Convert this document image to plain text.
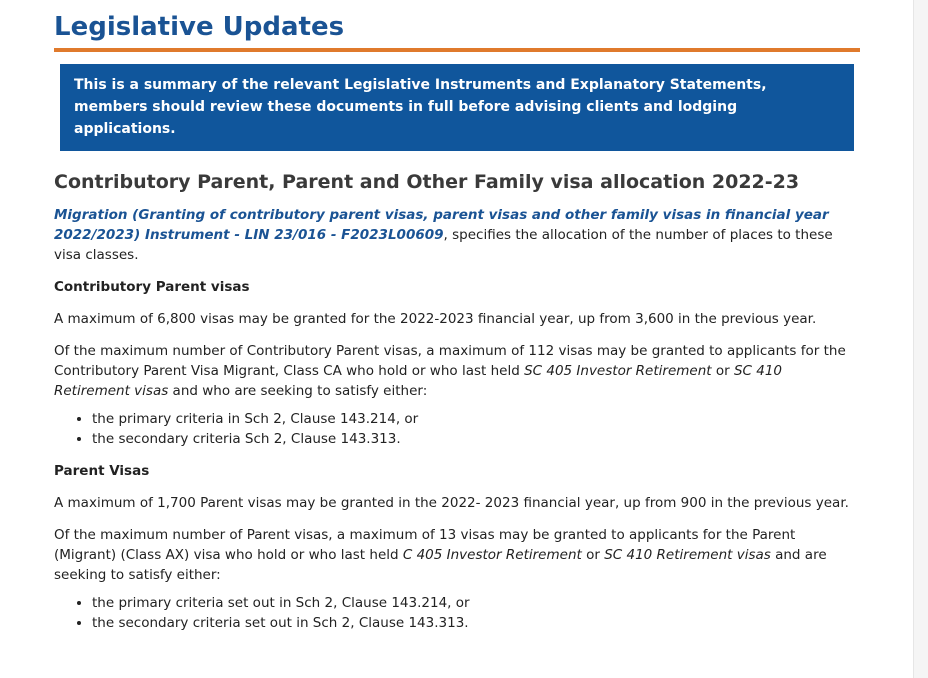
Legislative Updates
This is a summary of the relevant Legislative Instruments and Explanatory Statements, members should review these documents in full before advising clients and lodging applications.
Contributory Parent, Parent and Other Family visa allocation 2022-23

Migration (Granting of contributory parent visas, parent visas and other family visas in financial year 2022/2023) Instrument - LIN 23/016 - F2023L00609, specifies the allocation of the number of places to these visa classes.

Contributory Parent visas

A maximum of 6,800 visas may be granted for the 2022-2023 financial year, up from 3,600 in the previous year.

Of the maximum number of Contributory Parent visas, a maximum of 112 visas may be granted to applicants for the Contributory Parent Visa Migrant, Class CA who hold or who last held SC 405 Investor Retirement or SC 410 Retirement visas and who are seeking to satisfy either:

• the primary criteria in Sch 2, Clause 143.214, or
• the secondary criteria Sch 2, Clause 143.313.

Parent Visas

A maximum of 1,700 Parent visas may be granted in the 2022- 2023 financial year, up from 900 in the previous year.

Of the maximum number of Parent visas, a maximum of 13 visas may be granted to applicants for the Parent (Migrant) (Class AX) visa who hold or who last held C 405 Investor Retirement or SC 410 Retirement visas and are seeking to satisfy either:

• the primary criteria set out in Sch 2, Clause 143.214, or
• the secondary criteria set out in Sch 2, Clause 143.313.
